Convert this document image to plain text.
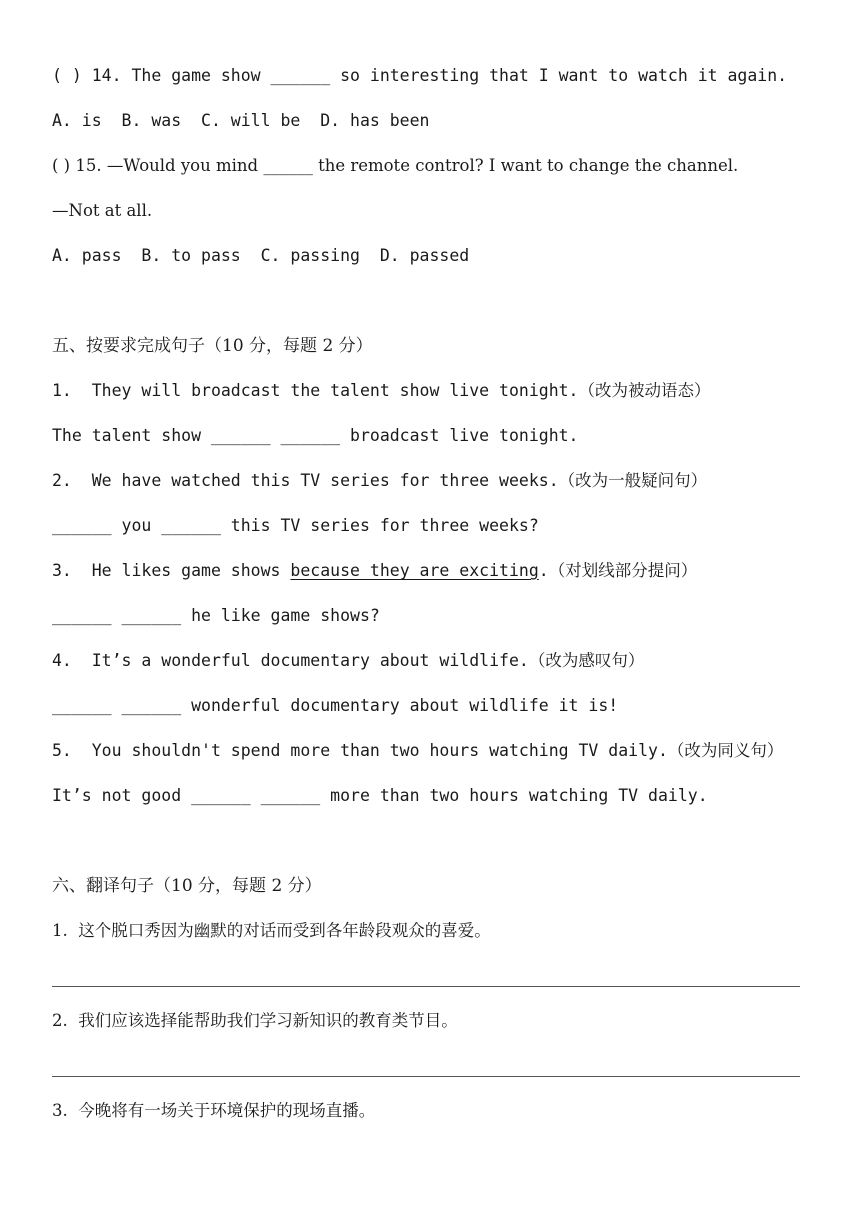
( ) 14. The game show ______ so interesting that I want to watch it again.
A. is  B. was  C. will be  D. has been
( ) 15. —Would you mind ______ the remote control? I want to change the channel.
—Not at all.
A. pass  B. to pass  C. passing  D. passed
五、按要求完成句子（10 分，每题 2 分）
1.  They will broadcast the talent show live tonight.（改为被动语态）
The talent show ______ ______ broadcast live tonight.
2.  We have watched this TV series for three weeks.（改为一般疑问句）
______ you ______ this TV series for three weeks?
3.  He likes game shows because they are exciting.（对划线部分提问）
______ ______ he like game shows?
4.  It’s a wonderful documentary about wildlife.（改为感叹句）
______ ______ wonderful documentary about wildlife it is!
5.  You shouldn't spend more than two hours watching TV daily.（改为同义句）
It’s not good ______ ______ more than two hours watching TV daily.
六、翻译句子（10 分，每题 2 分）
1.  这个脱口秀因为幽默的对话而受到各年龄段观众的喜爱。
2.  我们应该选择能帮助我们学习新知识的教育类节目。
3.  今晚将有一场关于环境保护的现场直播。
